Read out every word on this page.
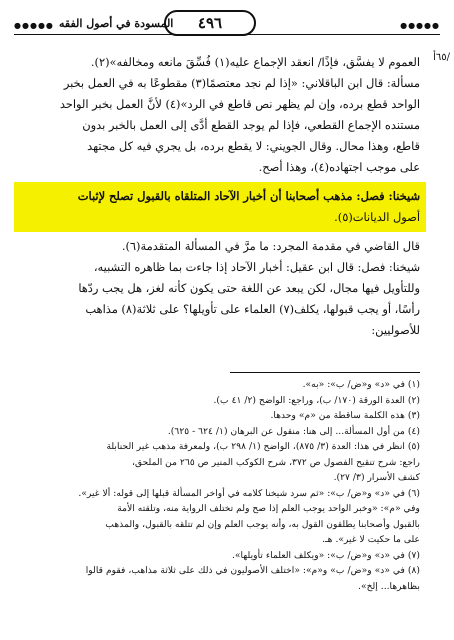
●●●●● المسودة في أصول الفقه	٤٩٦	●●●●●
٦٥أ/
العموم لا يفسَّق، فإذًا/ انعقد الإجماع عليه(١) فُسِّقَ مانعه ومخالفه»(٢).
مسألة: قال ابن الباقلاني: «إذا لم نجد معتصمًا(٣) مقطوعًا به في العمل بخبر
الواحد قطع برده، وإن لم يظهر نص قاطع في الرد»(٤) لأنَّ العمل بخبر الواحد
مستنده الإجماع القطعي، فإذا لم يوجد القطع أدَّى إلى العمل بالخبر بدون
قاطع، وهذا محال. وقال الجويني: لا يقطع برده، بل يجري فيه كل مجتهد
على موجب اجتهاده(٤)، وهذا أصح.
شيخنا: فصل: مذهب أصحابنا أن أخبار الآحاد المتلقاه بالقبول تصلح لإثبات
أصول الديانات(٥).
قال القاضي في مقدمة المجرد: ما مرَّ في المسألة المتقدمة(٦).
شيخنا: فصل: قال ابن عقيل: أخبار الآحاد إذا جاءت بما ظاهره التشبيه،
وللتأويل فيها مجال، لكن يبعد عن اللغة حتى يكون كأنه لغز، هل يجب ردّها
رأسًا، أو يجب قبولها، يكلف(٧) العلماء على تأويلها؟ على ثلاثة(٨) مذاهب
للأصوليين:
(١) في «د» و«ض/ ب»: «به».
(٢) العدة الورقة (١٧٠/ ب)، وراجع: الواضح (٢/ ٤١ ب).
(٣) هذه الكلمة ساقطة من «م» وحدها.
(٤) من أول المسألة... إلى هنا: منقول عن البرهان (١/ ٦٢٤ - ٦٢٥).
(٥) انظر في هذا: العدة (٣/ ٨٧٥)، الواضح (١/ ٢٩٨ ب)، ولمعرفة مذهب غير الحنابلة
راجع: شرح تنقيح الفصول ص ٣٧٢، شرح الكوكب المنير ص ٢٦٥ من الملحق،
كشف الأسرار (٣/ ٢٧).
(٦) في «د» و«ض/ ب»: «ثم سرد شيخنا كلامه في أواخر المسألة قبلها إلى قوله: ألا غير».
وفي «م»: «وخبر الواحد يوجب العلم إذا صح ولم تختلف الرواية منه، وتلقته الأمة
بالقبول وأصحابنا يطلقون القول به، وأنه يوجب العلم وإن لم تتلقه بالقبول، والمذهب
على ما حكيت لا غير». هـ.
(٧) في «د» و«ض/ ب»: «ويكلف العلماء تأويلها».
(٨) في «د» و«ض/ ب» و«م»: «اختلف الأصوليون في ذلك على ثلاثة مذاهب، فقوم قالوا
بظاهرها... إلخ».
